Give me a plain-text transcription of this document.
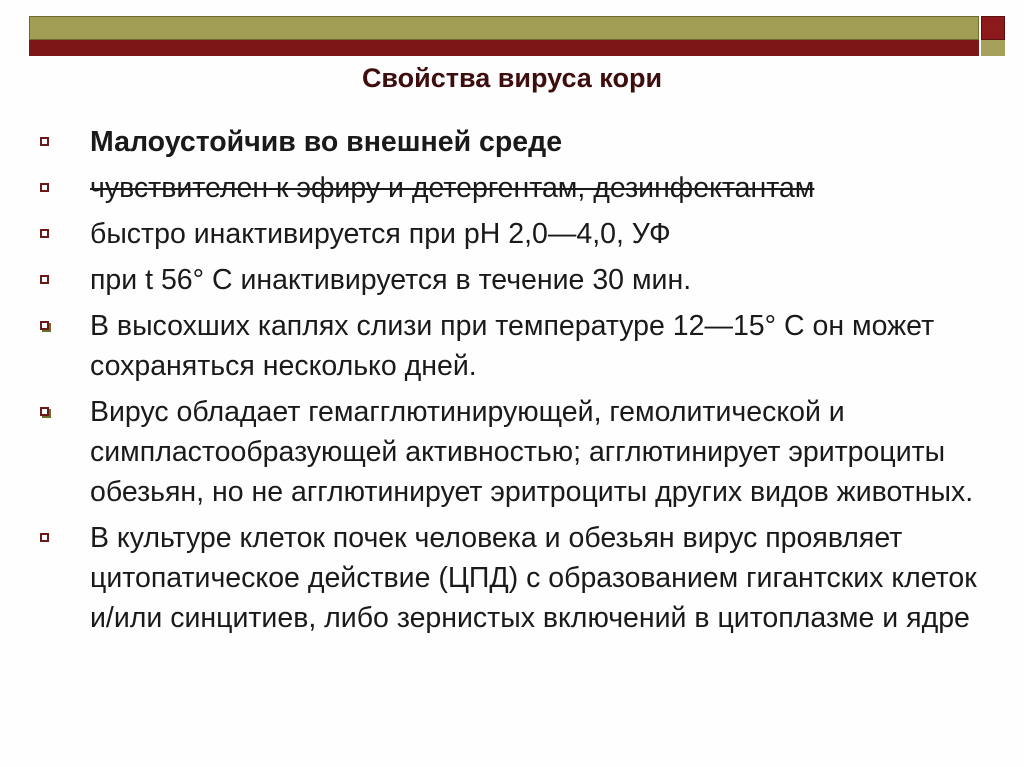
Свойства вируса кори
Малоустойчив во внешней среде
чувствителен к эфиру и детергентам, дезинфектантам
быстро инактивируется при pH 2,0—4,0, УФ
при t 56° С инактивируется в течение 30 мин.
В высохших каплях слизи при температуре 12—15° С он может сохраняться несколько дней.
Вирус обладает гемагглютинирующей, гемолитической и симпластообразующей активностью; агглютинирует эритроциты обезьян, но не агглютинирует эритроциты других видов животных.
В культуре клеток почек человека и обезьян вирус проявляет цитопатическое действие (ЦПД) с образованием гигантских клеток и/или синцитиев, либо зернистых включений в цитоплазме и ядре
